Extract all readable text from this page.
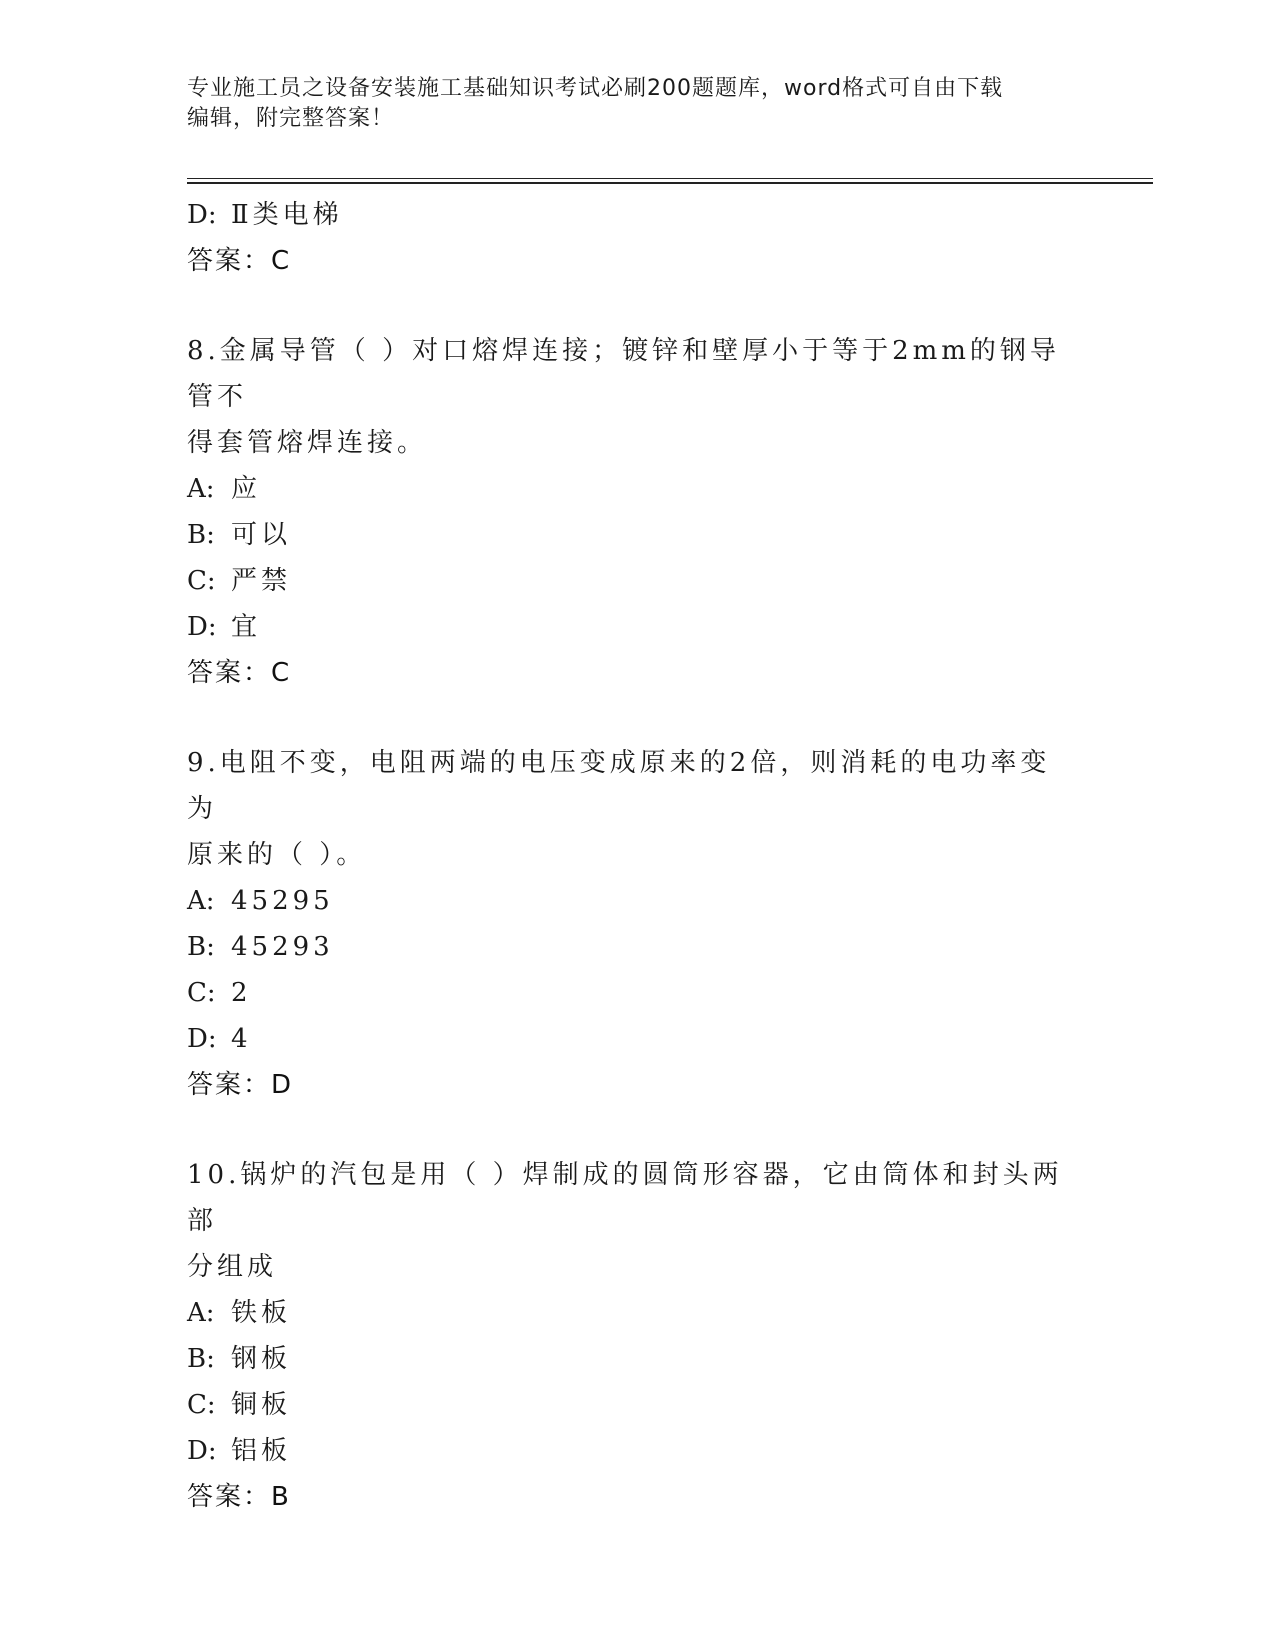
专业施工员之设备安装施工基础知识考试必刷200题题库，word格式可自由下载
编辑，附完整答案！
D: Ⅱ类电梯
答案：C
8.金属导管（ ）对口熔焊连接；镀锌和壁厚小于等于2mm的钢导管不
得套管熔焊连接。
A: 应
B: 可以
C: 严禁
D: 宜
答案：C
9.电阻不变，电阻两端的电压变成原来的2倍，则消耗的电功率变为
原来的（ ）。
A: 45295
B: 45293
C: 2
D: 4
答案：D
10.锅炉的汽包是用（ ）焊制成的圆筒形容器，它由筒体和封头两部
分组成
A: 铁板
B: 钢板
C: 铜板
D: 铝板
答案：B
